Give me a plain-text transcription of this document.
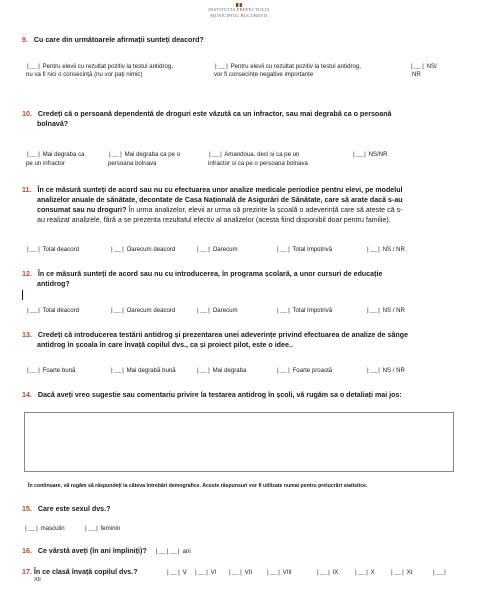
INSTITUȚIA PREFECTULUI
MUNICIPIUL BUCUREȘTI
9. Cu care din următoarele afirmații sunteți deacord?
|__| Pentru elevii cu rezultat pozitiv la testul antidrog,
nu va fi nici o consecință (nu vor pați nimic)
|__| Pentru elevii cu rezultat pozitiv la testul antidrog,
vor fi consecințe negative importante
|__| NS/
NR
10. Credeți că o persoană dependentă de droguri este văzută ca un infractor, sau mai degrabă ca o persoană
bolnavă?
|__| Mai degraba ca
pe un infractor
|__| Mai degraba ca pe o
persoana bolnava
|__| Amandoua, deci si ca pe un
infractor si ca pe o persoana bolnava
|__| NS/NR
11. În ce măsură sunteți de acord sau nu cu efectuarea unor analize medicale periodice pentru elevi, pe modelul
analizelor anuale de sănătate, decontate de Casa Națională de Asigurări de Sănătate, care să arate dacă s-au
consumat sau nu droguri? În urma analizelor, elevii ar urma să prezinte la școală o adeverință care să ateste că s-
au realizat analizele, fără a se prezenta rezultatul efectiv al analizelor (acesta fiind disponibil doar pentru familie).
|__| Total deacord	|__| Oarecum deacord	|__| Oarecum	|__| Total împotrivă	|__| NS / NR
12. În ce măsură sunteți de acord sau nu cu introducerea, în programa școlară, a unor cursuri de educație
antidrog?
|__| Total deacord	|__| Oarecum deacord	|__| Oarecum	|__| Total împotrivă	|__| NS / NR
13. Credeți că introducerea testării antidrog și prezentarea unei adeverințe privind efectuarea de analize de sânge
antidrog în școala în care învață copilul dvs., ca și proiect pilot, este o idee..
|__| Foarte bună	|__| Mai degrabă bună	|__| Mai degraba	|__| Foarte proastă	|__| NS / NR
14. Dacă aveți vreo sugestie sau comentariu privire la testarea antidrog în școli, vă rugăm sa o detaliați mai jos:
În continuare, vă rugăm să răspundeți la câteva întrebări demografice. Aceste răspunsuri vor fi utilizate numai pentru prelucrări statistice.
15. Care este sexul dvs.?
|__| masculin	|__| feminin
16. Ce vârstă aveți (în ani împliniți)? |__|__| ani
17. În ce clasă învață copilul dvs.?	|__| V |__| VI |__| VII |__| VIII	|__| IX	|__| X |__| XI	|__|
XII
